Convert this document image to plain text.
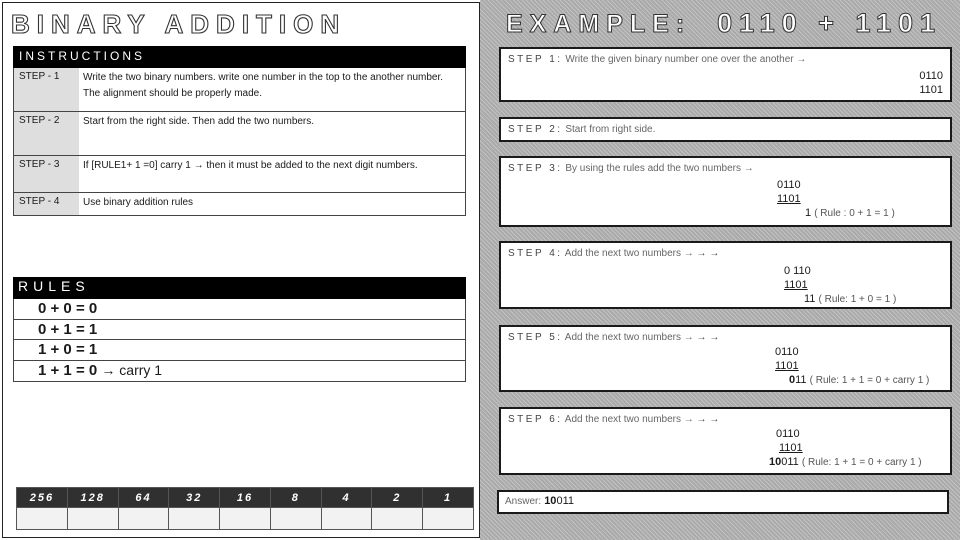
BINARY ADDITION
INSTRUCTIONS
STEP - 1	Write the two binary numbers. write one number in the top to the another number. The alignment should be properly made.
STEP - 2	Start from the right side. Then add the two numbers.
STEP - 3	If [RULE1+ 1 =0] carry 1 → then it must be added to the next digit numbers.
STEP - 4	Use binary addition rules
RULES
0 + 0 = 0
0 + 1 = 1
1 + 0 = 1
1 + 1 = 0 → carry 1
256	128	64	32	16	8	4	2	1

EXAMPLE: 0110 + 1101
STEP 1: Write the given binary number one over the another →
0110
1101
STEP 2: Start from right side.
STEP 3: By using the rules add the two numbers →
0110
1101
1 ( Rule : 0 + 1 = 1 )
STEP 4: Add the next two numbers → → →
0 110
1101
11 ( Rule: 1 + 0 = 1 )
STEP 5: Add the next two numbers → → →
0110
1101
011 ( Rule: 1 + 1 = 0 + carry 1 )
STEP 6: Add the next two numbers → → →
0110
1101
10011 ( Rule: 1 + 1 = 0 + carry 1 )
Answer: 10011
